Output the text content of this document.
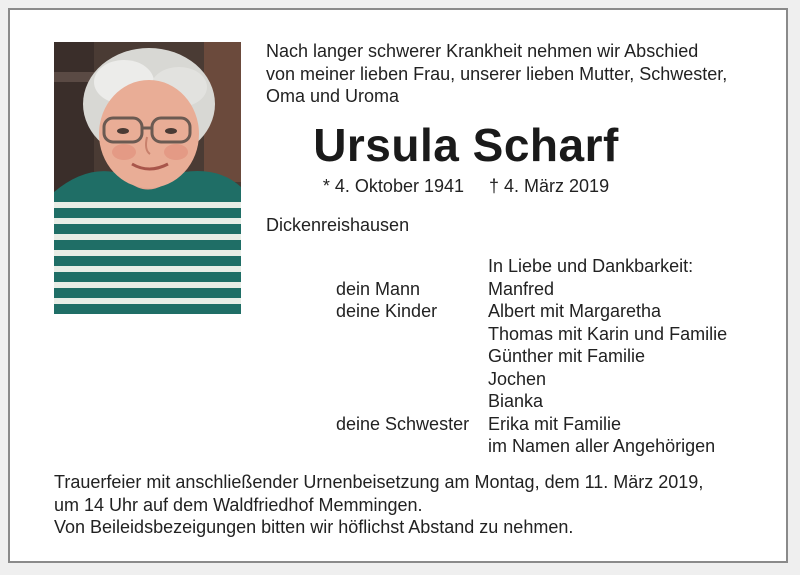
Nach langer schwerer Krankheit nehmen wir Abschied
von meiner lieben Frau, unserer lieben Mutter, Schwester,
Oma und Uroma
Ursula Scharf
* 4. Oktober 1941 † 4. März 2019
Dickenreishausen
In Liebe und Dankbarkeit:
dein Mann	Manfred
deine Kinder	Albert mit Margaretha
Thomas mit Karin und Familie
Günther mit Familie
Jochen
Bianka
deine Schwester	Erika mit Familie
im Namen aller Angehörigen
Trauerfeier mit anschließender Urnenbeisetzung am Montag, dem 11. März 2019,
um 14 Uhr auf dem Waldfriedhof Memmingen.
Von Beileidsbezeigungen bitten wir höflichst Abstand zu nehmen.
